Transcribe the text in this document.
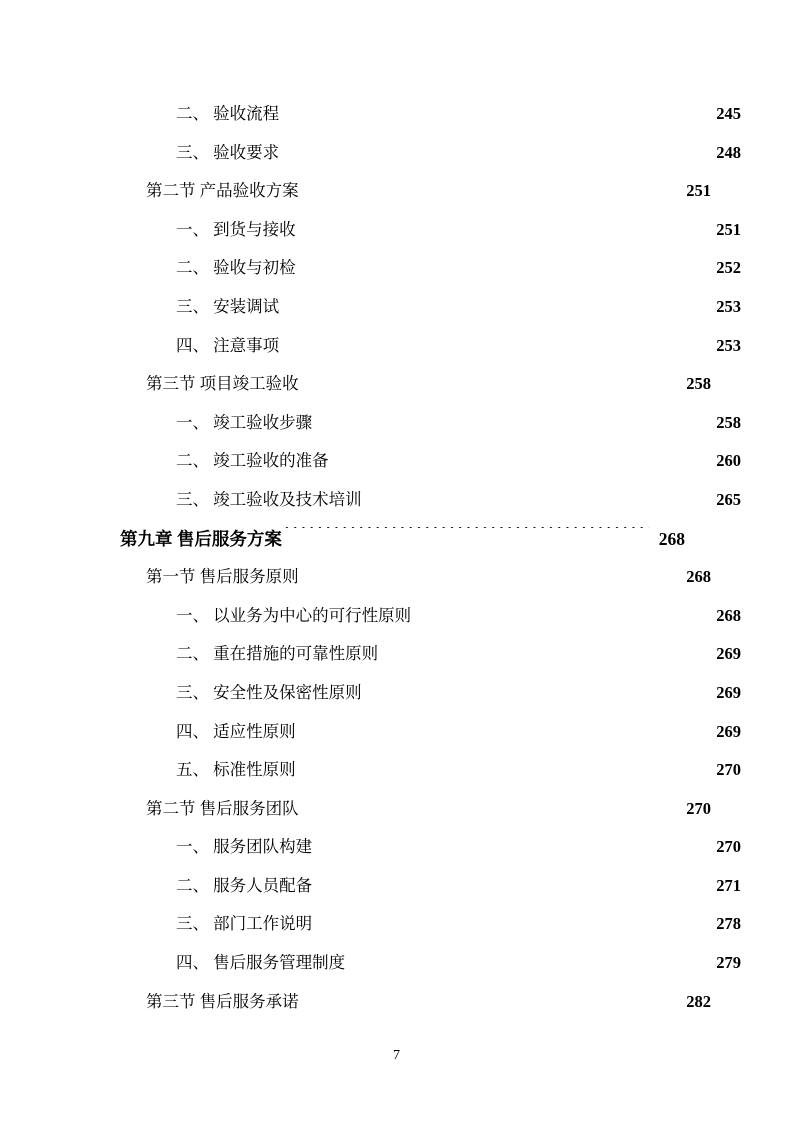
二、 验收流程 .....	245
三、 验收要求 .....	248
第二节 产品验收方案 .....	251
一、 到货与接收 .....	251
二、 验收与初检 .....	252
三、 安装调试 .....	253
四、 注意事项 .....	253
第三节 项目竣工验收 .....	258
一、 竣工验收步骤 .....	258
二、 竣工验收的准备 .....	260
三、 竣工验收及技术培训 .....	265
第九章 售后服务方案 . . .	268
第一节 售后服务原则 .....	268
一、 以业务为中心的可行性原则 .....	268
二、 重在措施的可靠性原则 .....	269
三、 安全性及保密性原则 .....	269
四、 适应性原则 .....	269
五、 标准性原则 .....	270
第二节 售后服务团队 .....	270
一、 服务团队构建 .....	270
二、 服务人员配备 .....	271
三、 部门工作说明 .....	278
四、 售后服务管理制度 .....	279
第三节 售后服务承诺 .....	282
7
